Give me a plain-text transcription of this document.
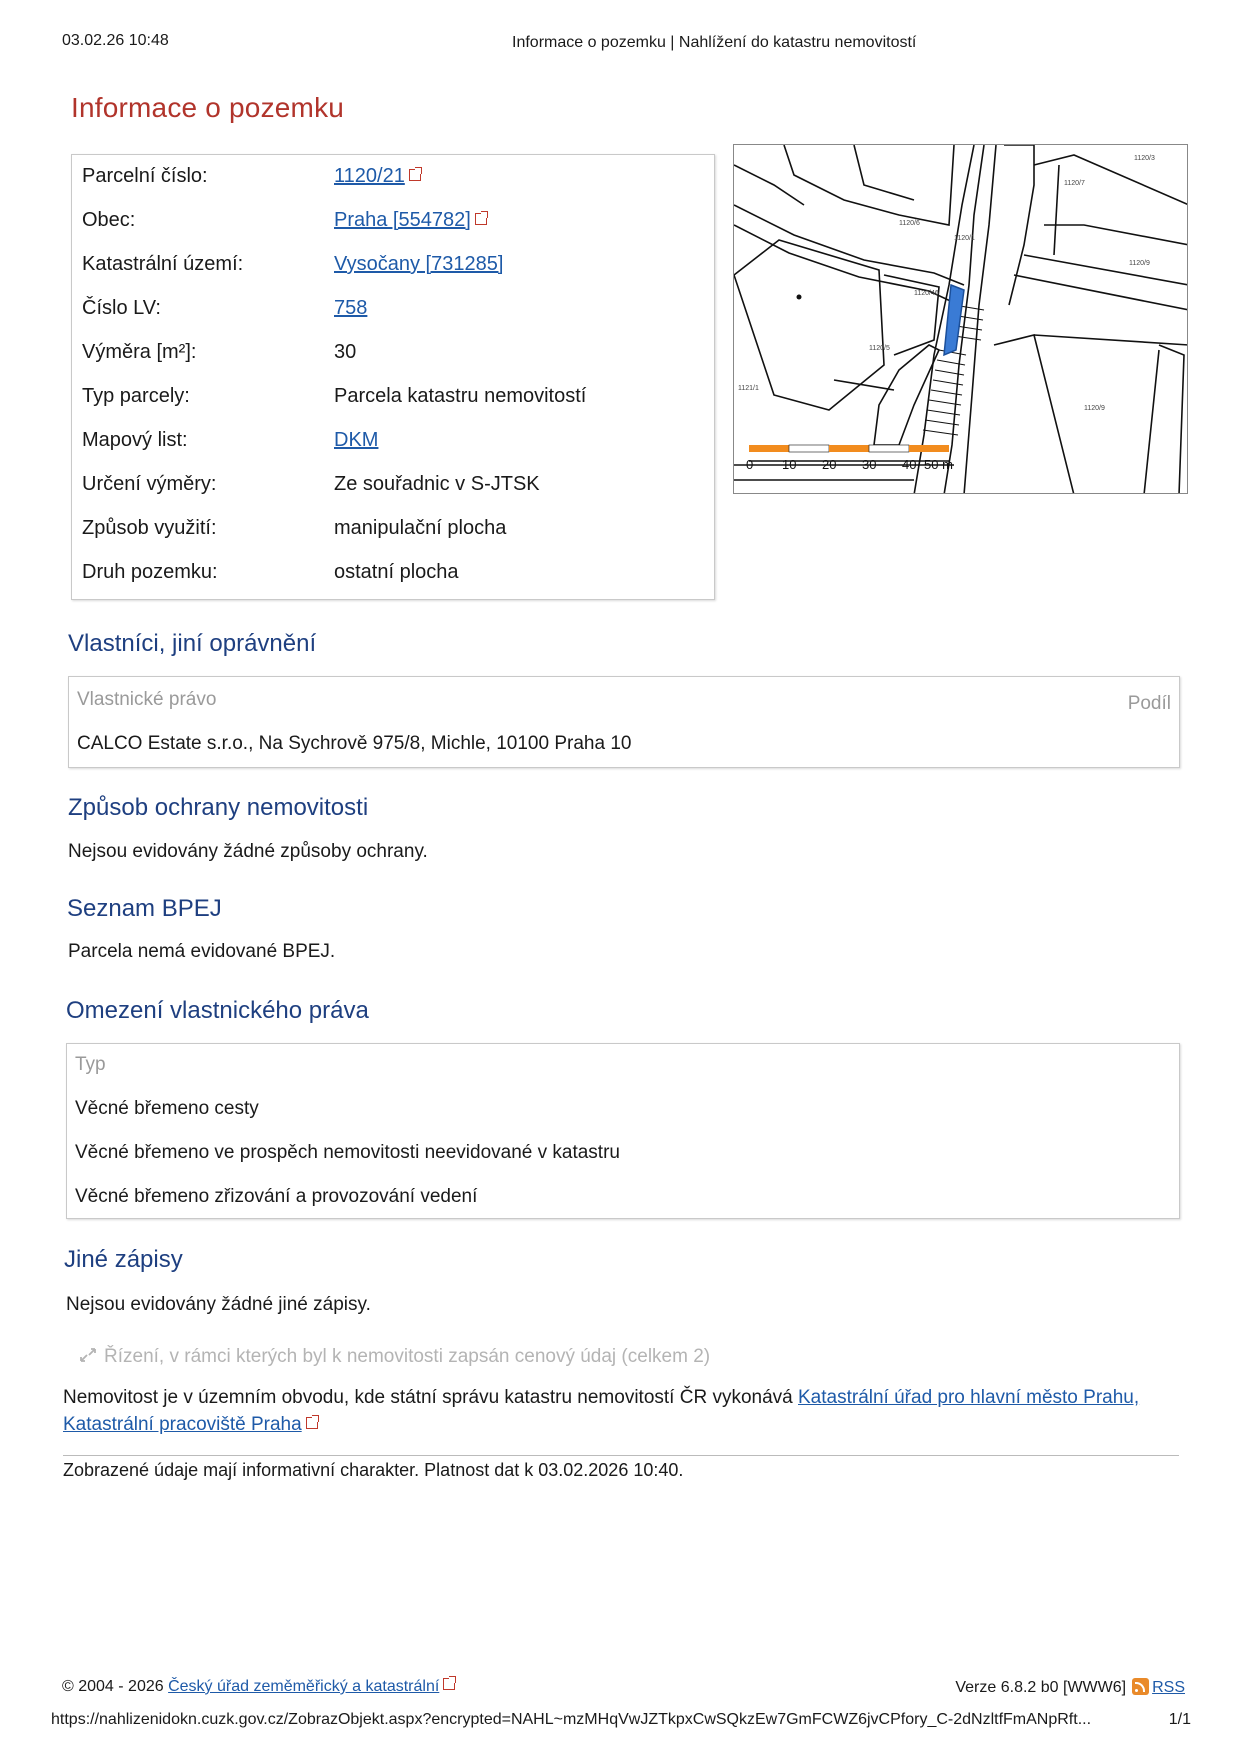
03.02.26 10:48	Informace o pozemku | Nahlížení do katastru nemovitostí
Informace o pozemku
Parcelní číslo:	1120/21
Obec:	Praha [554782]
Katastrální území:	Vysočany [731285]
Číslo LV:	758
Výměra [m²]:	30
Typ parcely:	Parcela katastru nemovitostí
Mapový list:	DKM
Určení výměry:	Ze souřadnic v S-JTSK
Způsob využití:	manipulační plocha
Druh pozemku:	ostatní plocha
1120/46
1120/5
1120/7
1120/3
1120/9
1120/9
1120/6
1120/1
1121/1
0 10 20 30 40 50 m
Vlastníci, jiní oprávnění
Vlastnické právo	Podíl
CALCO Estate s.r.o., Na Sychrově 975/8, Michle, 10100 Praha 10
Způsob ochrany nemovitosti
Nejsou evidovány žádné způsoby ochrany.
Seznam BPEJ
Parcela nemá evidované BPEJ.
Omezení vlastnického práva
Typ
Věcné břemeno cesty
Věcné břemeno ve prospěch nemovitosti neevidované v katastru
Věcné břemeno zřizování a provozování vedení
Jiné zápisy
Nejsou evidovány žádné jiné zápisy.
Řízení, v rámci kterých byl k nemovitosti zapsán cenový údaj (celkem 2)
Nemovitost je v územním obvodu, kde státní správu katastru nemovitostí ČR vykonává Katastrální úřad pro hlavní město Prahu, Katastrální pracoviště Praha
Zobrazené údaje mají informativní charakter. Platnost dat k 03.02.2026 10:40.
© 2004 - 2026 Český úřad zeměměřický a katastrální	Verze 6.8.2 b0 [WWW6] RSS
https://nahlizenidokn.cuzk.gov.cz/ZobrazObjekt.aspx?encrypted=NAHL~mzMHqVwJZTkpxCwSQkzEw7GmFCWZ6jvCPfory_C-2dNzltfFmANpRft...	1/1
